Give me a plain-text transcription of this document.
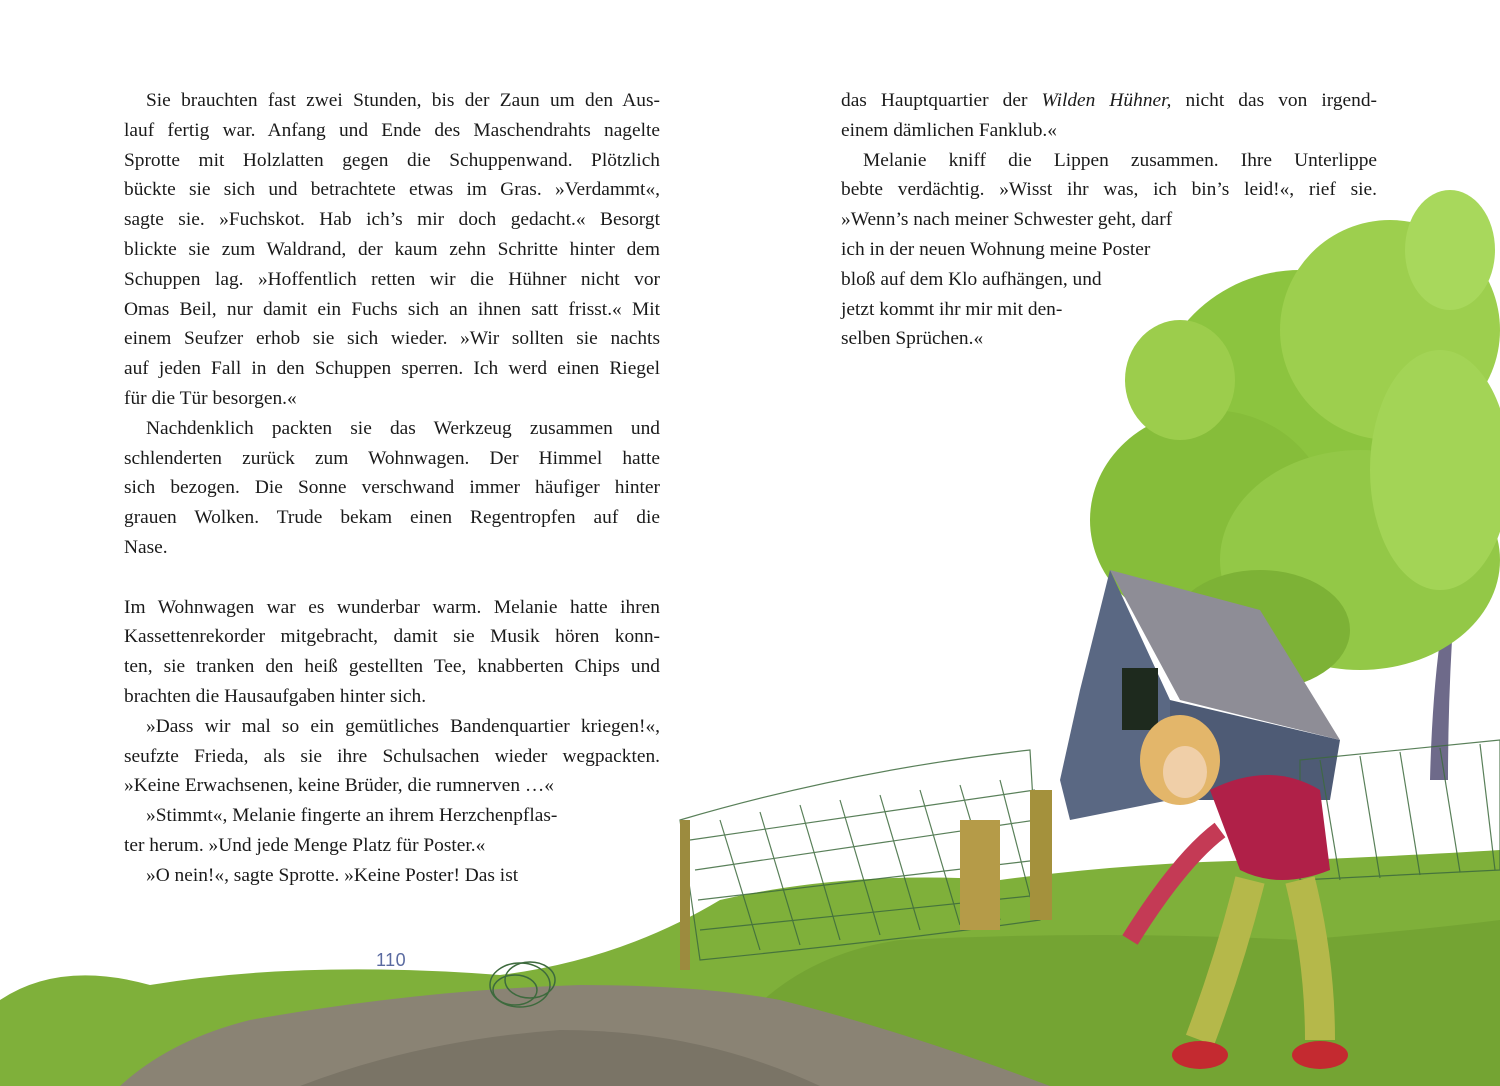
Sie brauchten fast zwei Stunden, bis der Zaun um den Aus-
lauf fertig war. Anfang und Ende des Maschendrahts nagelte
Sprotte mit Holzlatten gegen die Schuppenwand. Plötzlich
bückte sie sich und betrachtete etwas im Gras. »Verdammt«,
sagte sie. »Fuchskot. Hab ich’s mir doch gedacht.« Besorgt
blickte sie zum Waldrand, der kaum zehn Schritte hinter dem
Schuppen lag. »Hoffentlich retten wir die Hühner nicht vor
Omas Beil, nur damit ein Fuchs sich an ihnen satt frisst.« Mit
einem Seufzer erhob sie sich wieder. »Wir sollten sie nachts
auf jeden Fall in den Schuppen sperren. Ich werd einen Riegel
für die Tür besorgen.«
Nachdenklich packten sie das Werkzeug zusammen und
schlenderten zurück zum Wohnwagen. Der Himmel hatte
sich bezogen. Die Sonne verschwand immer häufiger hinter
grauen Wolken. Trude bekam einen Regentropfen auf die
Nase.
Im Wohnwagen war es wunderbar warm. Melanie hatte ihren
Kassettenrekorder mitgebracht, damit sie Musik hören konn-
ten, sie tranken den heiß gestellten Tee, knabberten Chips und
brachten die Hausaufgaben hinter sich.
»Dass wir mal so ein gemütliches Bandenquartier kriegen!«,
seufzte Frieda, als sie ihre Schulsachen wieder wegpackten.
»Keine Erwachsenen, keine Brüder, die rumnerven …«
»Stimmt«, Melanie fingerte an ihrem Herzchenpflas-
ter herum. »Und jede Menge Platz für Poster.«
»O nein!«, sagte Sprotte. »Keine Poster! Das ist
110
das Hauptquartier der Wilden Hühner, nicht das von irgend-
einem dämlichen Fanklub.«
Melanie kniff die Lippen zusammen. Ihre Unterlippe
bebte verdächtig. »Wisst ihr was, ich bin’s leid!«, rief sie.
»Wenn’s nach meiner Schwester geht, darf
ich in der neuen Wohnung meine Poster
bloß auf dem Klo aufhängen, und
jetzt kommt ihr mir mit den-
selben Sprüchen.«
